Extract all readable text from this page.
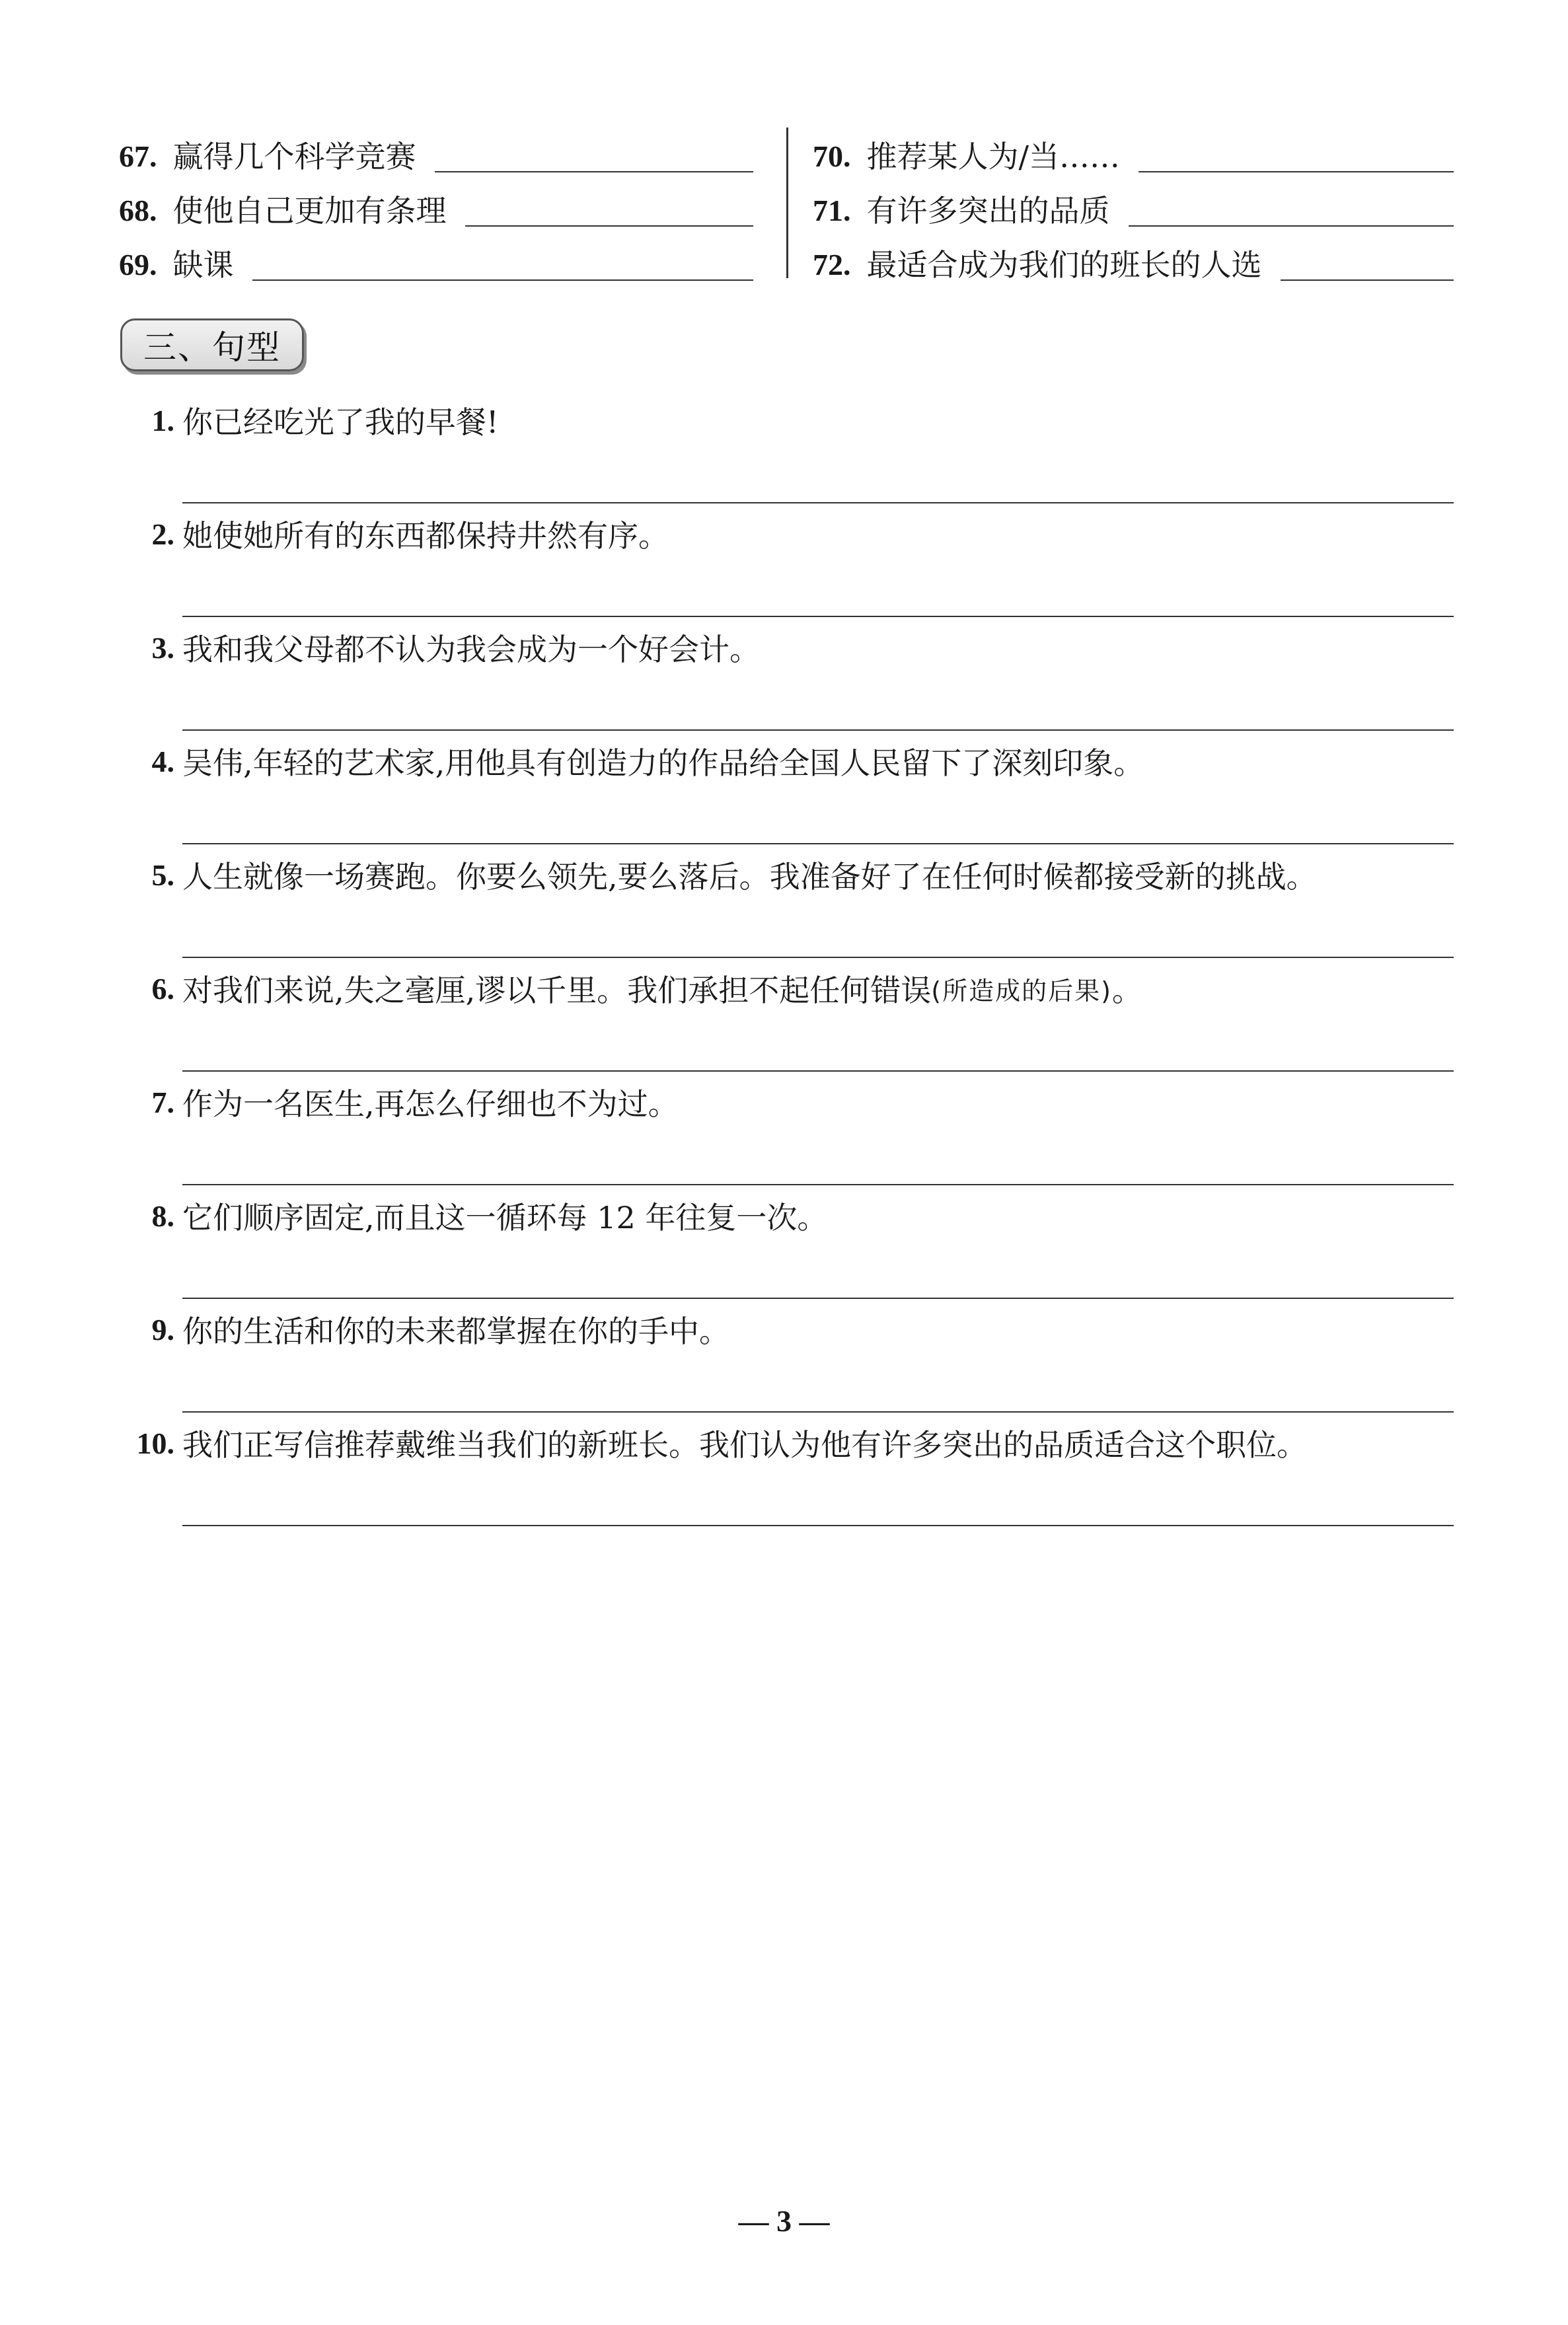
67. 赢得几个科学竞赛
68. 使他自己更加有条理
69. 缺课
70. 推荐某人为/当……
71. 有许多突出的品质
72. 最适合成为我们的班长的人选
三、句型
1. 你已经吃光了我的早餐!
2. 她使她所有的东西都保持井然有序。
3. 我和我父母都不认为我会成为一个好会计。
4. 吴伟,年轻的艺术家,用他具有创造力的作品给全国人民留下了深刻印象。
5. 人生就像一场赛跑。你要么领先,要么落后。我准备好了在任何时候都接受新的挑战。
6. 对我们来说,失之毫厘,谬以千里。我们承担不起任何错误 (所造成的后果) 。
7. 作为一名医生,再怎么仔细也不为过。
8. 它们顺序固定,而且这一循环每 12 年往复一次。
9. 你的生活和你的未来都掌握在你的手中。
10. 我们正写信推荐戴维当我们的新班长。我们认为他有许多突出的品质适合这个职位。
— 3 —
